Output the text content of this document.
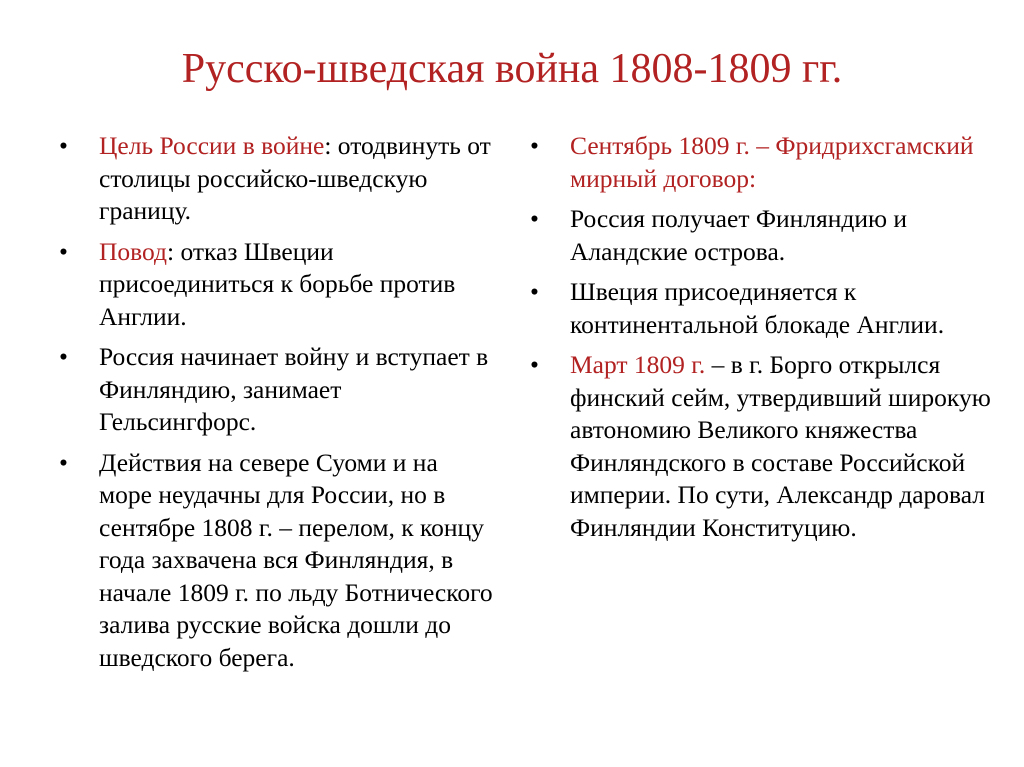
Русско-шведская война 1808-1809 гг.
• Цель России в войне: отодвинуть от столицы российско-шведскую границу.
• Повод: отказ Швеции присоединиться к борьбе против Англии.
• Россия начинает войну и вступает в Финляндию, занимает Гельсингфорс.
• Действия на севере Суоми и на море неудачны для России, но в сентябре 1808 г. – перелом, к концу года захвачена вся Финляндия, в начале 1809 г. по льду Ботнического залива русские войска дошли до шведского берега.
• Сентябрь 1809 г. – Фридрихсгамский мирный договор:
• Россия получает Финляндию и Аландские острова.
• Швеция присоединяется к континентальной блокаде Англии.
• Март 1809 г. – в г. Борго открылся финский сейм, утвердивший широкую автономию Великого княжества Финляндского в составе Российской империи. По сути, Александр даровал Финляндии Конституцию.
